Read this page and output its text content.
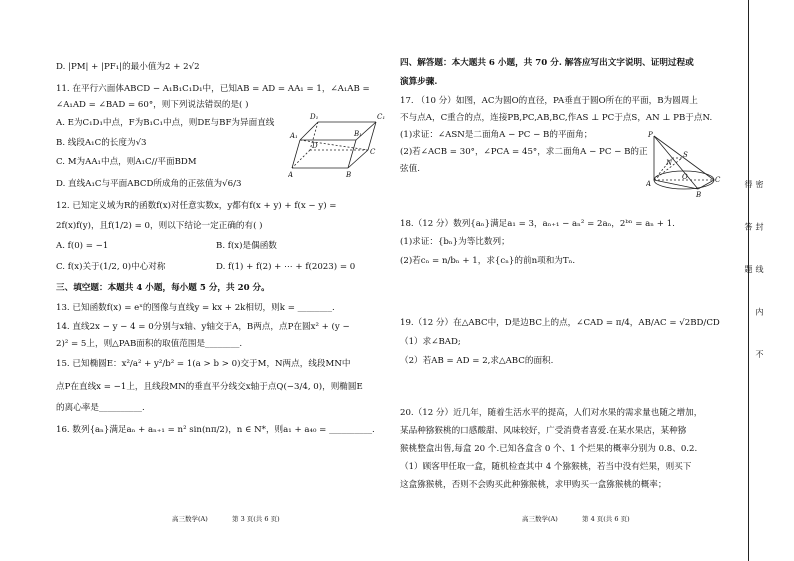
D. |PM| + |PF₁|的最小值为2 + 2√2
11. 在平行六面体ABCD − A₁B₁C₁D₁中，已知AB = AD = AA₁ = 1，∠A₁AB =
∠A₁AD = ∠BAD = 60°，则下列说法错误的是( )
A. E为C₁D₁中点，F为B₁C₁中点，则DE与BF为异面直线
B. 线段A₁C的长度为√3
C. M为AA₁中点，则A₁C//平面BDM
D. 直线A₁C与平面ABCD所成角的正弦值为√6/3
D₁	C₁
A₁	B₁
D
C
A	B
12. 已知定义域为R的函数f(x)对任意实数x，y都有f(x + y) + f(x − y) =
2f(x)f(y)，且f(1/2) = 0，则以下结论一定正确的有( )
A. f(0) = −1	B. f(x)是偶函数
C. f(x)关于(1/2, 0)中心对称	D. f(1) + f(2) + ⋯ + f(2023) = 0
三、填空题：本题共 4 小题，每小题 5 分，共 20 分。
13. 已知函数f(x) = eˣ的图像与直线y = kx + 2k相切，则k = ________.
14. 直线2x − y − 4 = 0分别与x轴、y轴交于A，B两点，点P在圆x² + (y −
2)² = 5上，则△PAB面积的取值范围是________.
15. 已知椭圆E：x²/a² + y²/b² = 1(a > b > 0)交于M，N两点，线段MN中
点P在直线x = −1上，且线段MN的垂直平分线交x轴于点Q(−3/4, 0)，则椭圆E
的离心率是__________.
16. 数列{aₙ}满足aₙ + aₙ₊₁ = n² sin(nπ/2)，n ∈ N*，则a₁ + a₄₀ = __________.
高三数学(A)	第 3 页(共 6 页)
四、解答题：本大题共 6 小题，共 70 分. 解答应写出文字说明、证明过程或
演算步骤.
17. （10 分）如图，AC为圆O的直径，PA垂直于圆O所在的平面，B为圆周上
不与点A，C重合的点，连接PB,PC,AB,BC,作AS ⊥ PC于点S，AN ⊥ PB于点N.
(1)求证：∠ASN是二面角A − PC − B的平面角；
(2)若∠ACB = 30°，∠PCA = 45°，求二面角A − PC − B的正
弦值.
P
S
N
A
O	C
B
18.（12 分）数列{aₙ}满足a₁ = 3，aₙ₊₁ − aₙ² = 2aₙ，2ᵇⁿ = aₙ + 1.
(1)求证：{bₙ}为等比数列；
(2)若cₙ = n/bₙ + 1，求{cₙ}的前n项和为Tₙ.
19.（12 分）在△ABC中，D是边BC上的点，∠CAD = π/4，AB/AC = √2BD/CD
（1）求∠BAD;
（2）若AB = AD = 2,求△ABC的面积.
20.（12 分）近几年，随着生活水平的提高，人们对水果的需求量也随之增加，
某品种猕猴桃的口感酸甜、风味较好，广受消费者喜爱.在某水果店，某种猕
猴桃整盒出售,每盒 20 个.已知各盒含 0 个、1 个烂果的概率分别为 0.8、0.2.
（1）顾客甲任取一盒，随机检查其中 4 个猕猴桃，若当中没有烂果，则买下
这盒猕猴桃，否则不会购买此种猕猴桃，求甲购买一盒猕猴桃的概率；
高三数学(A)	第 4 页(共 6 页)
密 封 线 内 不 得 答 题
